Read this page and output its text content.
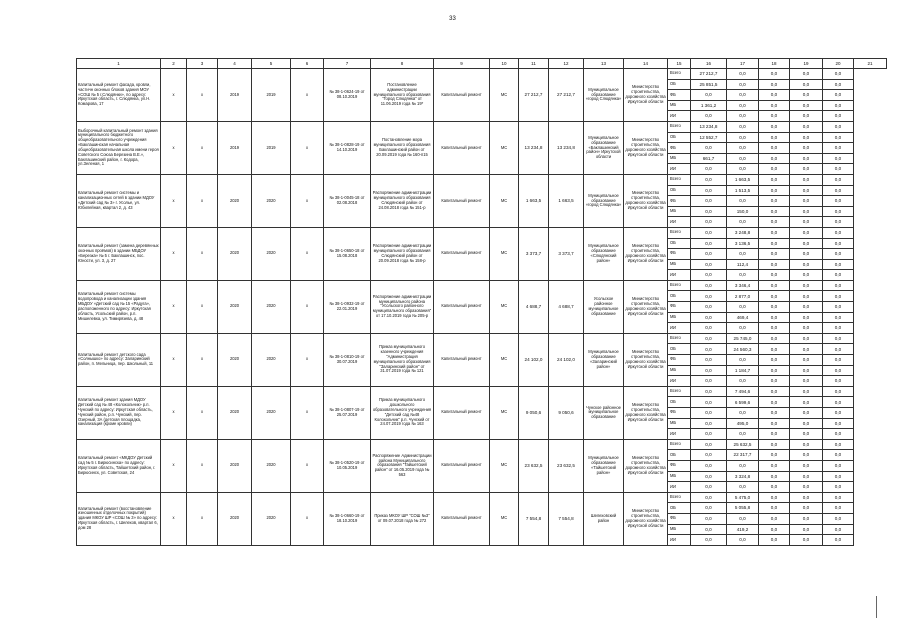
33
1	2	3	4	5	6	7	8	9	10	11	12	13	14	15	16	17	18	19	20	21
Капитальный ремонт фасада, кровли, частичн оконных блоков здания МОУ «СОШ № 5 г.Слюдянки», по адресу: Иркутская область, г. Слюдянка, ул.Н. Комарова, 17	х	х	2019	2019	х	№ 38-1-0624-19 от 08.10.2019	Постановление администрации муниципального образования "Город Слюдянка" от 11.06.2019 года № 19*	Капитальный ремонт	МС	27 212,7	27 212,7	Муниципальное образование «город Слюдянка»	Министерство строительства, дорожного хозяйства Иркутской области	Всего	27 212,7	0,0	0,0	0,0	0,0	
														ОБ	25 851,5	0,0	0,0	0,0	0,0	
														ФБ	0,0	0,0	0,0	0,0	0,0	
														МБ	1 361,2	0,0	0,0	0,0	0,0	
														ИИ	0,0	0,0	0,0	0,0	0,0	
Выборочный капитальный ремонт здания муниципального бюджетного общеобразовательного учреждения «Баклашинская начальная общеобразовательная школа имени героя Советского Союза Березина В.Е.», Баклашинский район, г. Кодора, ул.Зеленая, 1	х	х	2019	2019	х	№ 38-1-0828-19 от 14.10.2019	Постановление мэра муниципального образования Баклашинский район от 20.09.2019 года № 160-п15	Капитальный ремонт	МС	13 234,8	13 234,8	Муниципальное образование «Баклашинский район» Иркутской области	Министерство строительства, дорожного хозяйства Иркутской области	Всего	13 234,8	0,0	0,0	0,0	0,0	
														ОБ	12 552,7	0,0	0,0	0,0	0,0	
														ФБ	0,0	0,0	0,0	0,0	0,0	
														МБ	661,7	0,0	0,0	0,0	0,0	
														ИИ	0,0	0,0	0,0	0,0	0,0	
Капитальный ремонт системы и канализационных сетей в здании МДОУ «Детский сад № 3» г. Усолье, ул. Юбилейная, квартал 2, д. 43	х	х	2020	2020	х	№ 38-1-0045-18 от 02.08.2018	Распоряжение администрации муниципального образования Слюдянский район от 24.08.2018 года № 151-р	Капитальный ремонт	МС	1 663,5	1 663,5	Муниципальное образование «город Слюдянка»	Министерство строительства, дорожного хозяйства Иркутской области	Всего	0,0	1 663,5	0,0	0,0	0,0	
														ОБ	0,0	1 513,5	0,0	0,0	0,0	
														ФБ	0,0	0,0	0,0	0,0	0,0	
														МБ	0,0	150,0	0,0	0,0	0,0	
														ИИ	0,0	0,0	0,0	0,0	0,0	
Капитальный ремонт (замена деревянных оконных проёмов) в здании МБДОУ «Березка» № 5 г. Баклашинск, пос. Юности, ул. 3, д. 27	х	х	2020	2020	х	№ 38-1-0650-18 от 15.08.2018	Распоряжение администрации муниципального образования Слюдянский район от 20.09.2018 года № 158-р	Капитальный ремонт	МС	3 373,7	3 373,7	Муниципальное образование «Слюдянский район»	Министерство строительства, дорожного хозяйства Иркутской области	Всего	0,0	3 248,8	0,0	0,0	0,0	
														ОБ	0,0	3 136,5	0,0	0,0	0,0	
														ФБ	0,0	0,0	0,0	0,0	0,0	
														МБ	0,0	112,4	0,0	0,0	0,0	
														ИИ	0,0	0,0	0,0	0,0	0,0	
Капитальный ремонт системы водопровода и канализации здания МБДОУ «Детский сад № 15 «Радуга», расположенного по адресу: Иркутская область, Усольский район, р.п. Мишелевка, ул. Тимирязева, д. 48	х	х	2020	2020	х	№ 38-1-0932-19 от 22.01.2019	Распоряжение администрации муниципального района "Усольского районного муниципального образования" от 17.10.2019 года № 205-р	Капитальный ремонт	МС	4 688,7	4 688,7	Усольское районное муниципальное образование	Министерство строительства, дорожного хозяйства Иркутской области	Всего	0,0	3 346,4	0,0	0,0	0,0	
														ОБ	0,0	2 877,0	0,0	0,0	0,0	
														ФБ	0,0	0,0	0,0	0,0	0,0	
														МБ	0,0	469,4	0,0	0,0	0,0	
														ИИ	0,0	0,0	0,0	0,0	0,0	
Капитальный ремонт детского сада «Солнышко» по адресу: Заларинский район, п. Мельница, пер. Школьный, 11	х	х	2020	2020	х	№ 38-1-0810-19 от 30.07.2019	Приказ муниципального казенного учреждения "Администрация муниципального образования "Заларинский район" от 31.07.2019 года № 121	Капитальный ремонт	МС	24 102,0	24 102,0	Муниципальное образование «Заларинский район»	Министерство строительства, дорожного хозяйства Иркутской области	Всего	0,0	25 745,0	0,0	0,0	0,0	
														ОБ	0,0	24 560,3	0,0	0,0	0,0	
														ФБ	0,0	0,0	0,0	0,0	0,0	
														МБ	0,0	1 184,7	0,0	0,0	0,0	
														ИИ	0,0	0,0	0,0	0,0	0,0	
Капитальный ремонт здания МДОУ Детский сад № 48 «Колокольчик» р.п. Чунский по адресу: Иркутская область, Чунский район, р.п. Чунский, пер. Озерный, 3А (детская площадка, канализация (кроме кровли)	х	х	2020	2020	х	№ 38-1-0807-19 от 25.07.2019	Приказ муниципального дошкольного образовательного учреждения "Детский сад №48 Колокольчик" р.п. Чунский от 24.07.2019 года № 163	Капитальный ремонт	МС	9 050,6	9 050,6	Чунское районное муниципальное образование	Министерство строительства, дорожного хозяйства Иркутской области	Всего	0,0	7 494,6	0,0	0,0	0,0	
														ОБ	0,0	6 599,6	0,0	0,0	0,0	
														ФБ	0,0	0,0	0,0	0,0	0,0	
														МБ	0,0	495,0	0,0	0,0	0,0	
														ИИ	0,0	0,0	0,0	0,0	0,0	
Капитальный ремонт «МКДОУ Детский сад № 5 г. Бирюсинска» по адресу: Иркутская область, Тайшетский район, г. Бирюсинск, ул. Советская, 24	х	х	2020	2020	х	№ 38-1-0520-19 от 10.05.2019	Распоряжение Администрации района Муниципального образования "Тайшетский район" от 16.05.2019 года № 563	Капитальный ремонт	МС	23 632,5	23 632,5	Муниципальное образование «Тайшетский район»	Министерство строительства, дорожного хозяйства Иркутской области	Всего	0,0	25 632,5	0,0	0,0	0,0	
														ОБ	0,0	22 317,7	0,0	0,0	0,0	
														ФБ	0,0	0,0	0,0	0,0	0,0	
														МБ	0,0	3 324,8	0,0	0,0	0,0	
														ИИ	0,0	0,0	0,0	0,0	0,0	
Капитальный ремонт (восстановление изношенных отделочных покрытий) здания МКОУ ШР «СОШ № 3» по адресу: Иркутская область, г. Шелехов, квартал 6, дом 28	х	х	2020	2020	х	№ 38-1-0660-19 от 18.10.2019	Приказ МКОУ ШР "СОШ №3" от 09.07.2018 года № 272	Капитальный ремонт	МС	7 554,8	7 554,8	Шелеховский район	Министерство строительства, дорожного хозяйства Иркутской области	Всего	0,0	5 475,0	0,0	0,0	0,0	
														ОБ	0,0	5 055,8	0,0	0,0	0,0	
														ФБ	0,0	0,0	0,0	0,0	0,0	
														МБ	0,0	419,2	0,0	0,0	0,0	
														ИИ	0,0	0,0	0,0	0,0	0,0	
